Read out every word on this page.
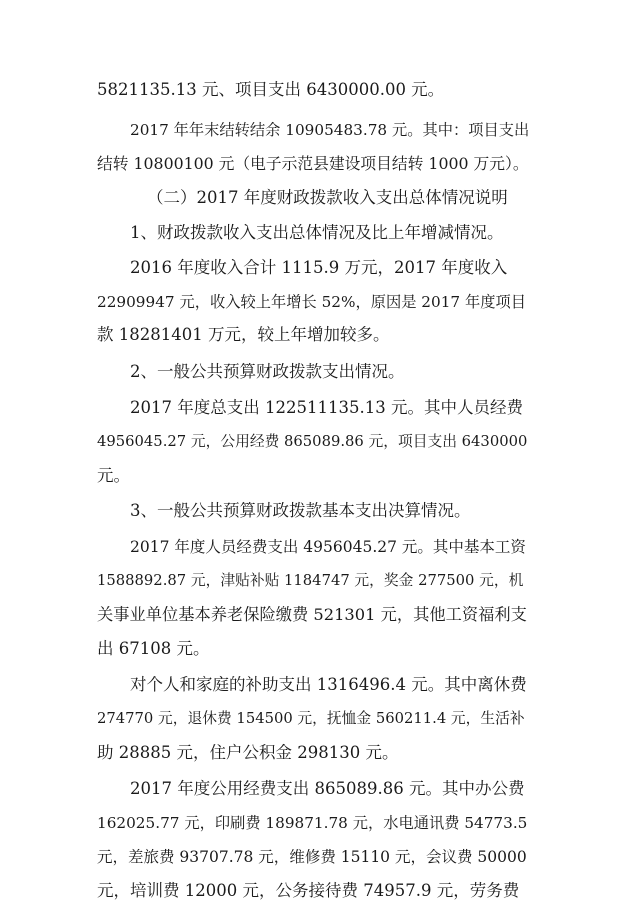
5821135.13 元、项目支出 6430000.00 元。
2017 年年末结转结余 10905483.78 元。其中：项目支出
结转 10800100 元（电子示范县建设项目结转 1000 万元）。
（二）2017 年度财政拨款收入支出总体情况说明
1、财政拨款收入支出总体情况及比上年增减情况。
2016 年度收入合计 1115.9 万元，2017 年度收入
22909947 元，收入较上年增长 52%，原因是 2017 年度项目
款 18281401 万元，较上年增加较多。
2、一般公共预算财政拨款支出情况。
2017 年度总支出 122511135.13 元。其中人员经费
4956045.27 元，公用经费 865089.86 元，项目支出 6430000
元。
3、一般公共预算财政拨款基本支出决算情况。
2017 年度人员经费支出 4956045.27 元。其中基本工资
1588892.87 元，津贴补贴 1184747 元，奖金 277500 元，机
关事业单位基本养老保险缴费 521301 元，其他工资福利支
出 67108 元。
对个人和家庭的补助支出 1316496.4 元。其中离休费
274770 元，退休费 154500 元，抚恤金 560211.4 元，生活补
助 28885 元，住户公积金 298130 元。
2017 年度公用经费支出 865089.86 元。其中办公费
162025.77 元，印刷费 189871.78 元，水电通讯费 54773.5
元，差旅费 93707.78 元，维修费 15110 元，会议费 50000
元，培训费 12000 元，公务接待费 74957.9 元，劳务费
